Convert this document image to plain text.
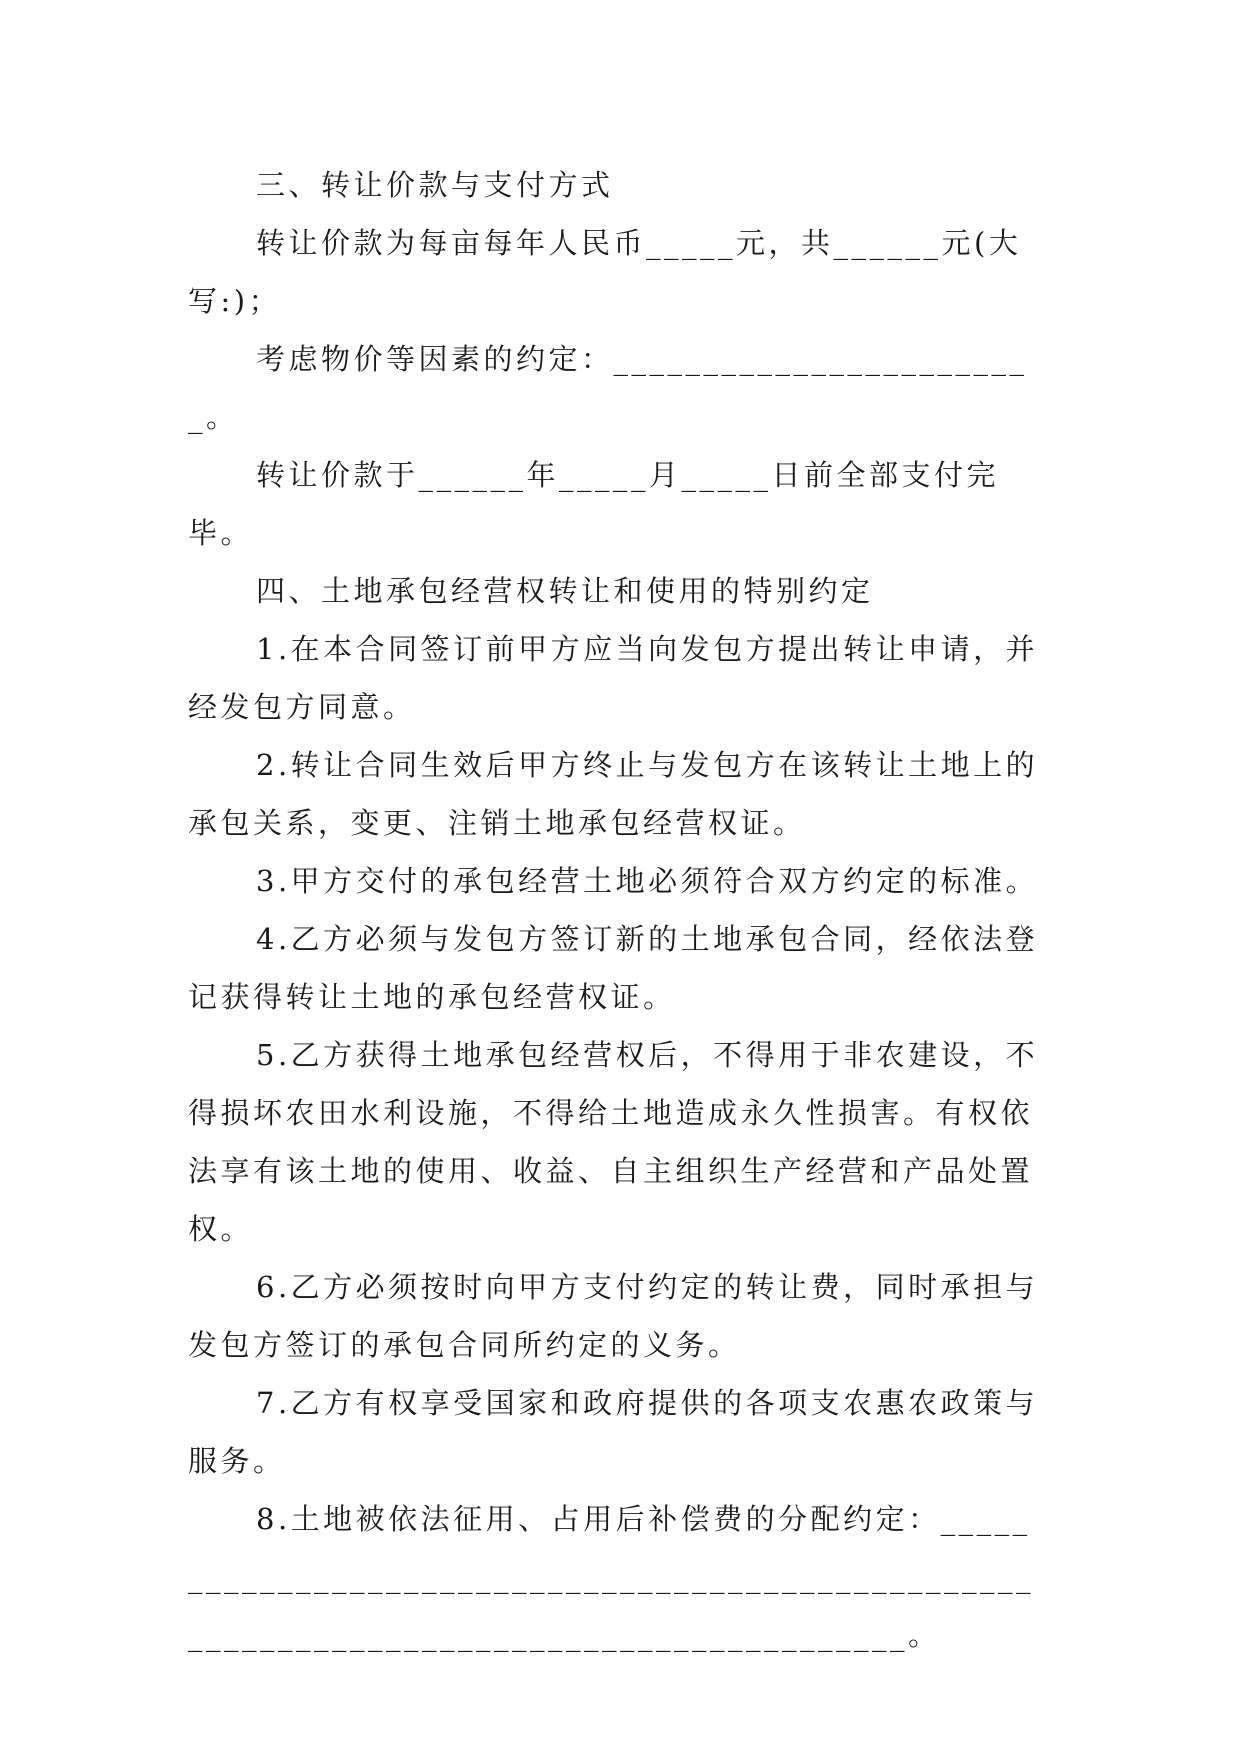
三、转让价款与支付方式

转让价款为每亩每年人民币_____元，共______元(大写:)；

考虑物价等因素的约定：________________________。

转让价款于______年_____月_____日前全部支付完毕。

四、土地承包经营权转让和使用的特别约定

1.在本合同签订前甲方应当向发包方提出转让申请，并经发包方同意。

2.转让合同生效后甲方终止与发包方在该转让土地上的承包关系，变更、注销土地承包经营权证。

3.甲方交付的承包经营土地必须符合双方约定的标准。

4.乙方必须与发包方签订新的土地承包合同，经依法登记获得转让土地的承包经营权证。

5.乙方获得土地承包经营权后，不得用于非农建设，不得损坏农田水利设施，不得给土地造成永久性损害。有权依法享有该土地的使用、收益、自主组织生产经营和产品处置权。

6.乙方必须按时向甲方支付约定的转让费，同时承担与发包方签订的承包合同所约定的义务。

7.乙方有权享受国家和政府提供的各项支农惠农政策与服务。

8.土地被依法征用、占用后补偿费的分配约定：____________________________________________________________________________________________。
